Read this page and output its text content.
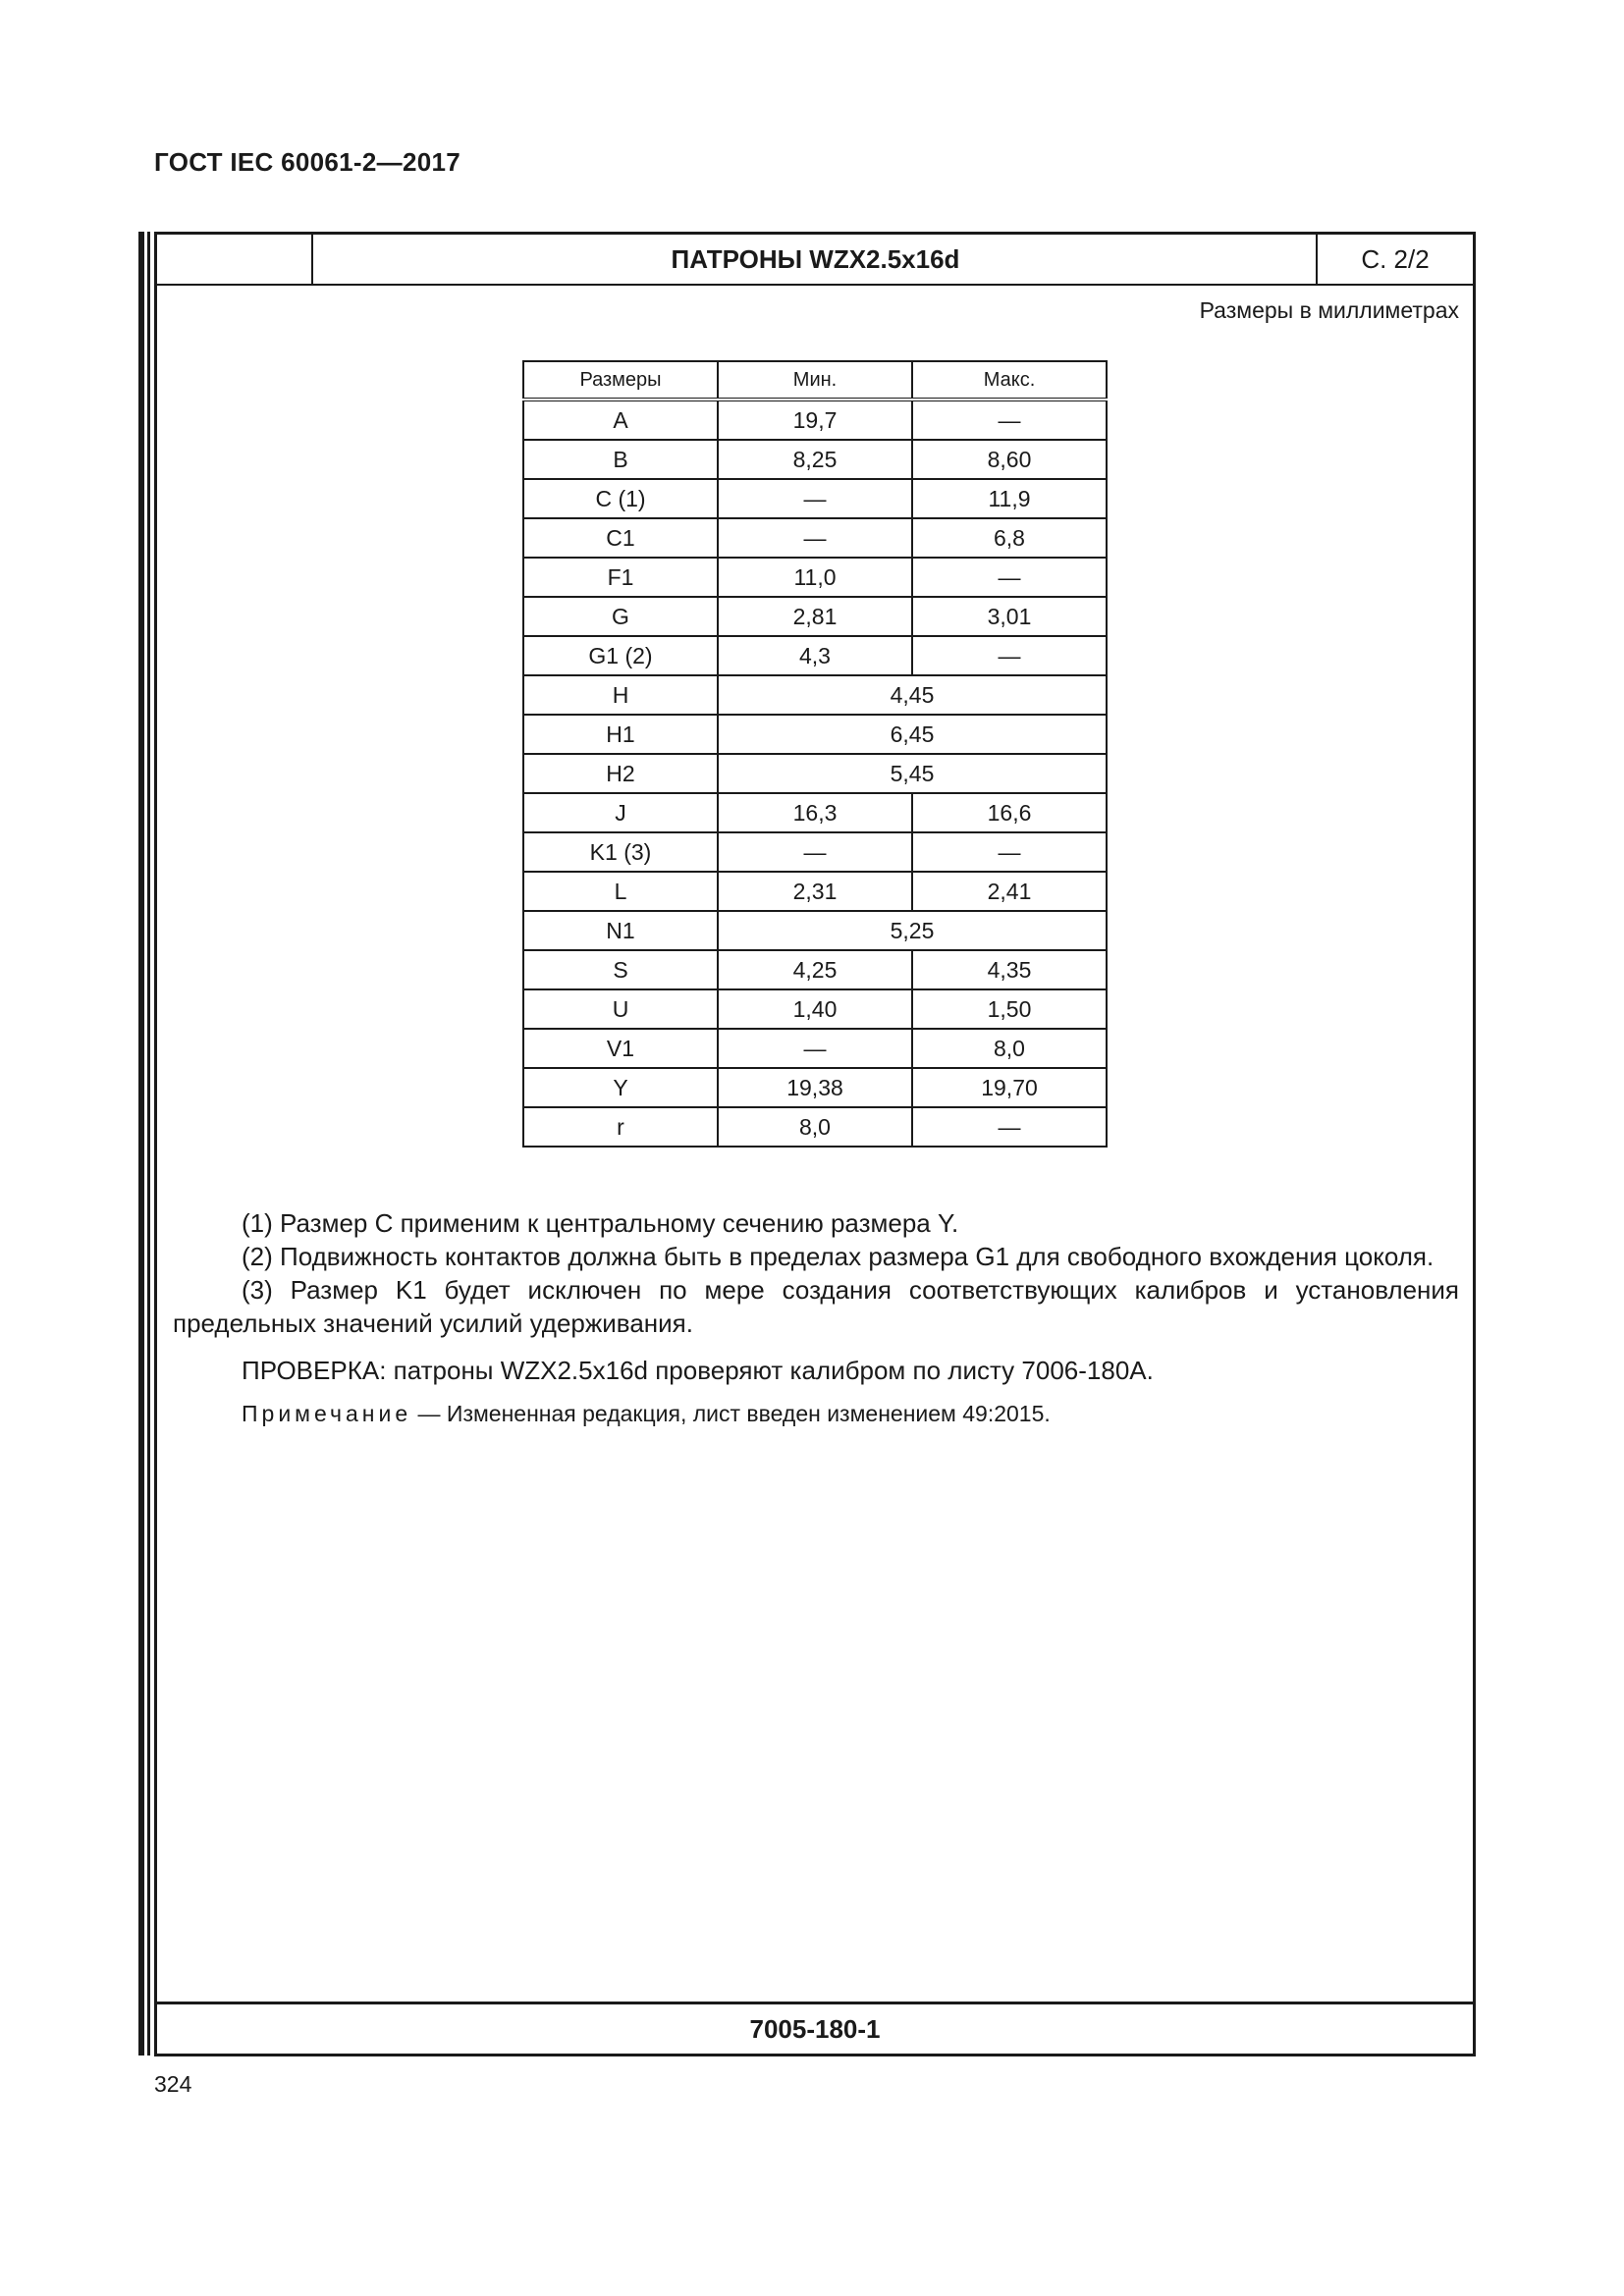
ГОСТ IEC 60061-2—2017
ПАТРОНЫ WZX2.5x16d	С. 2/2
Размеры в миллиметрах
Размеры	Мин.	Макс.
A	19,7	—
B	8,25	8,60
C (1)	—	11,9
C1	—	6,8
F1	11,0	—
G	2,81	3,01
G1 (2)	4,3	—
H	4,45	
H1	6,45	
H2	5,45	
J	16,3	16,6
K1 (3)	—	—
L	2,31	2,41
N1	5,25	
S	4,25	4,35
U	1,40	1,50
V1	—	8,0
Y	19,38	19,70
r	8,0	—

(1) Размер C применим к центральному сечению размера Y.

(2) Подвижность контактов должна быть в пределах размера G1 для свободного вхождения цоколя.

(3) Размер K1 будет исключен по мере создания соответствующих калибров и установления предельных значений усилий удерживания.

ПРОВЕРКА: патроны WZX2.5x16d проверяют калибром по листу 7006-180A.

Примечание — Измененная редакция, лист введен изменением 49:2015.

7005-180-1
324
